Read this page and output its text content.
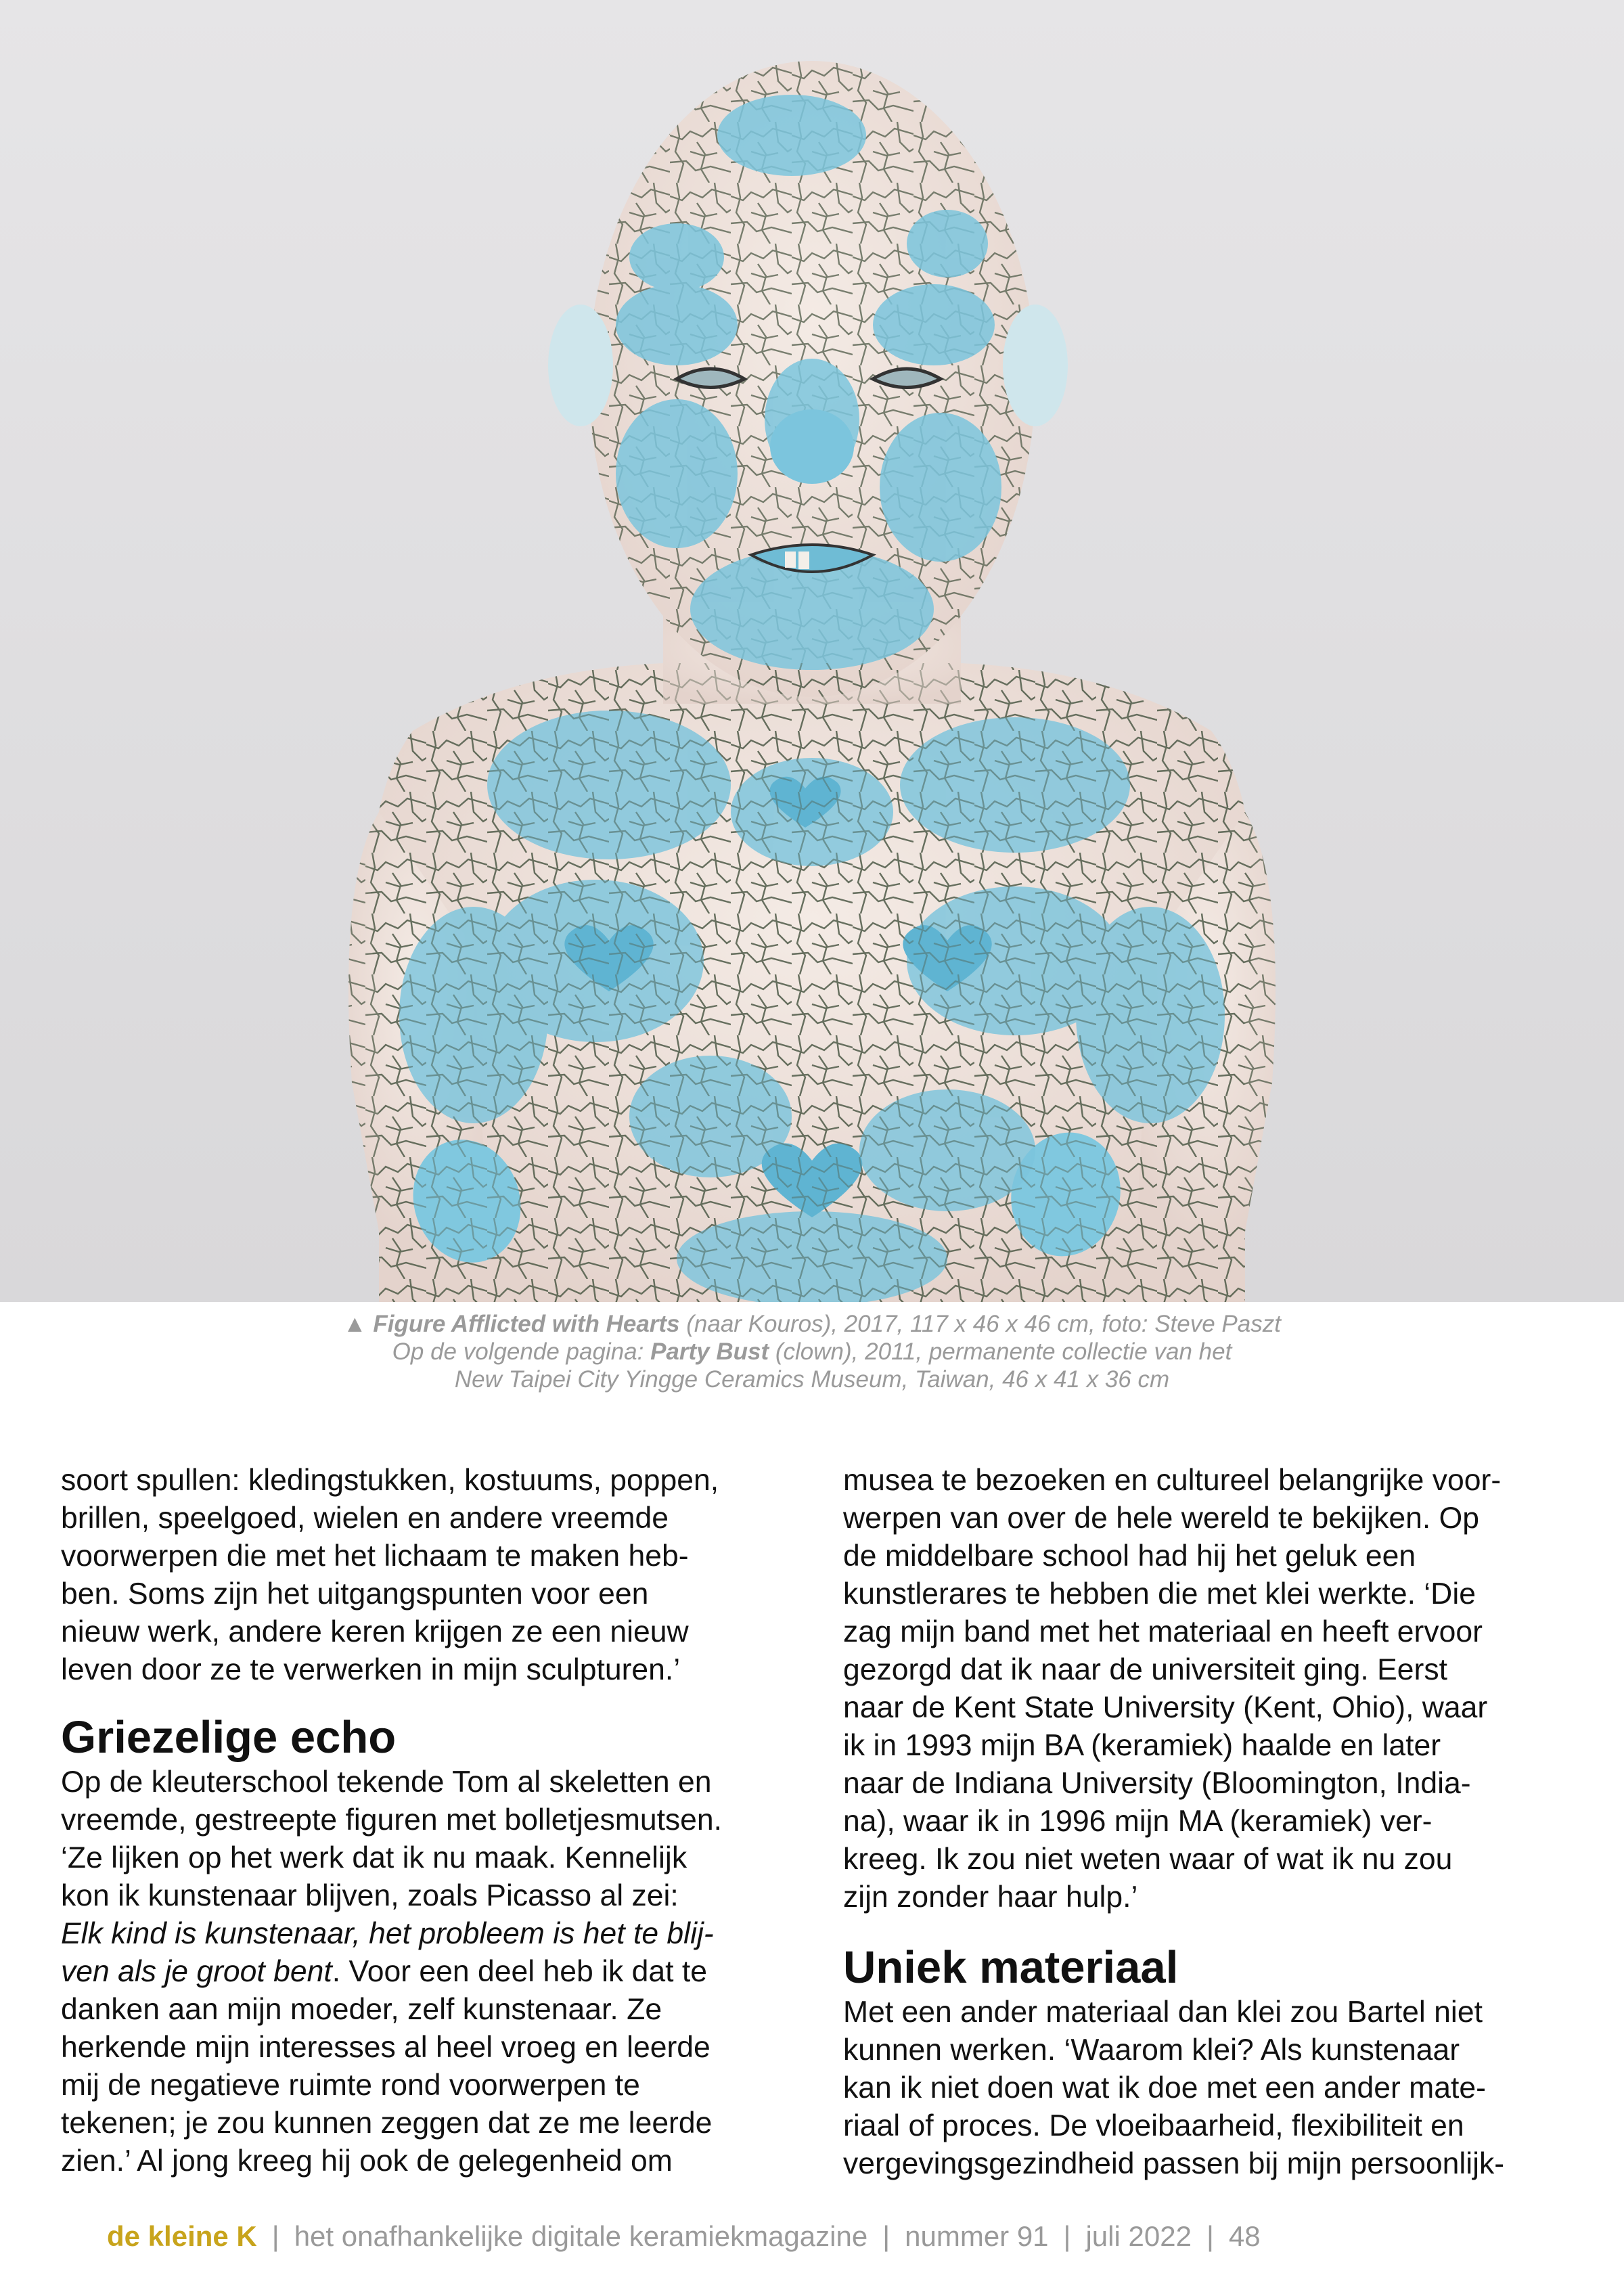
▲ Figure Afflicted with Hearts (naar Kouros), 2017, 117 x 46 x 46 cm, foto: Steve Paszt
Op de volgende pagina: Party Bust (clown), 2011, permanente collectie van het
New Taipei City Yingge Ceramics Museum, Taiwan, 46 x 41 x 36 cm

soort spullen: kledingstukken, kostuums, poppen,
brillen, speelgoed, wielen en andere vreemde
voorwerpen die met het lichaam te maken heb-
ben. Soms zijn het uitgangspunten voor een
nieuw werk, andere keren krijgen ze een nieuw
leven door ze te verwerken in mijn sculpturen.’

Griezelige echo

Op de kleuterschool tekende Tom al skeletten en
vreemde, gestreepte figuren met bolletjesmutsen.
‘Ze lijken op het werk dat ik nu maak. Kennelijk
kon ik kunstenaar blijven, zoals Picasso al zei:
Elk kind is kunstenaar, het probleem is het te blij-
ven als je groot bent. Voor een deel heb ik dat te
danken aan mijn moeder, zelf kunstenaar. Ze
herkende mijn interesses al heel vroeg en leerde
mij de negatieve ruimte rond voorwerpen te
tekenen; je zou kunnen zeggen dat ze me leerde
zien.’ Al jong kreeg hij ook de gelegenheid om

musea te bezoeken en cultureel belangrijke voor-
werpen van over de hele wereld te bekijken. Op
de middelbare school had hij het geluk een
kunstlerares te hebben die met klei werkte. ‘Die
zag mijn band met het materiaal en heeft ervoor
gezorgd dat ik naar de universiteit ging. Eerst
naar de Kent State University (Kent, Ohio), waar
ik in 1993 mijn BA (keramiek) haalde en later
naar de Indiana University (Bloomington, India-
na), waar ik in 1996 mijn MA (keramiek) ver-
kreeg. Ik zou niet weten waar of wat ik nu zou
zijn zonder haar hulp.’

Uniek materiaal

Met een ander materiaal dan klei zou Bartel niet
kunnen werken. ‘Waarom klei? Als kunstenaar
kan ik niet doen wat ik doe met een ander mate-
riaal of proces. De vloeibaarheid, flexibiliteit en
vergevingsgezindheid passen bij mijn persoonlijk-

de kleine K | het onafhankelijke digitale keramiekmagazine | nummer 91 | juli 2022 | 48
